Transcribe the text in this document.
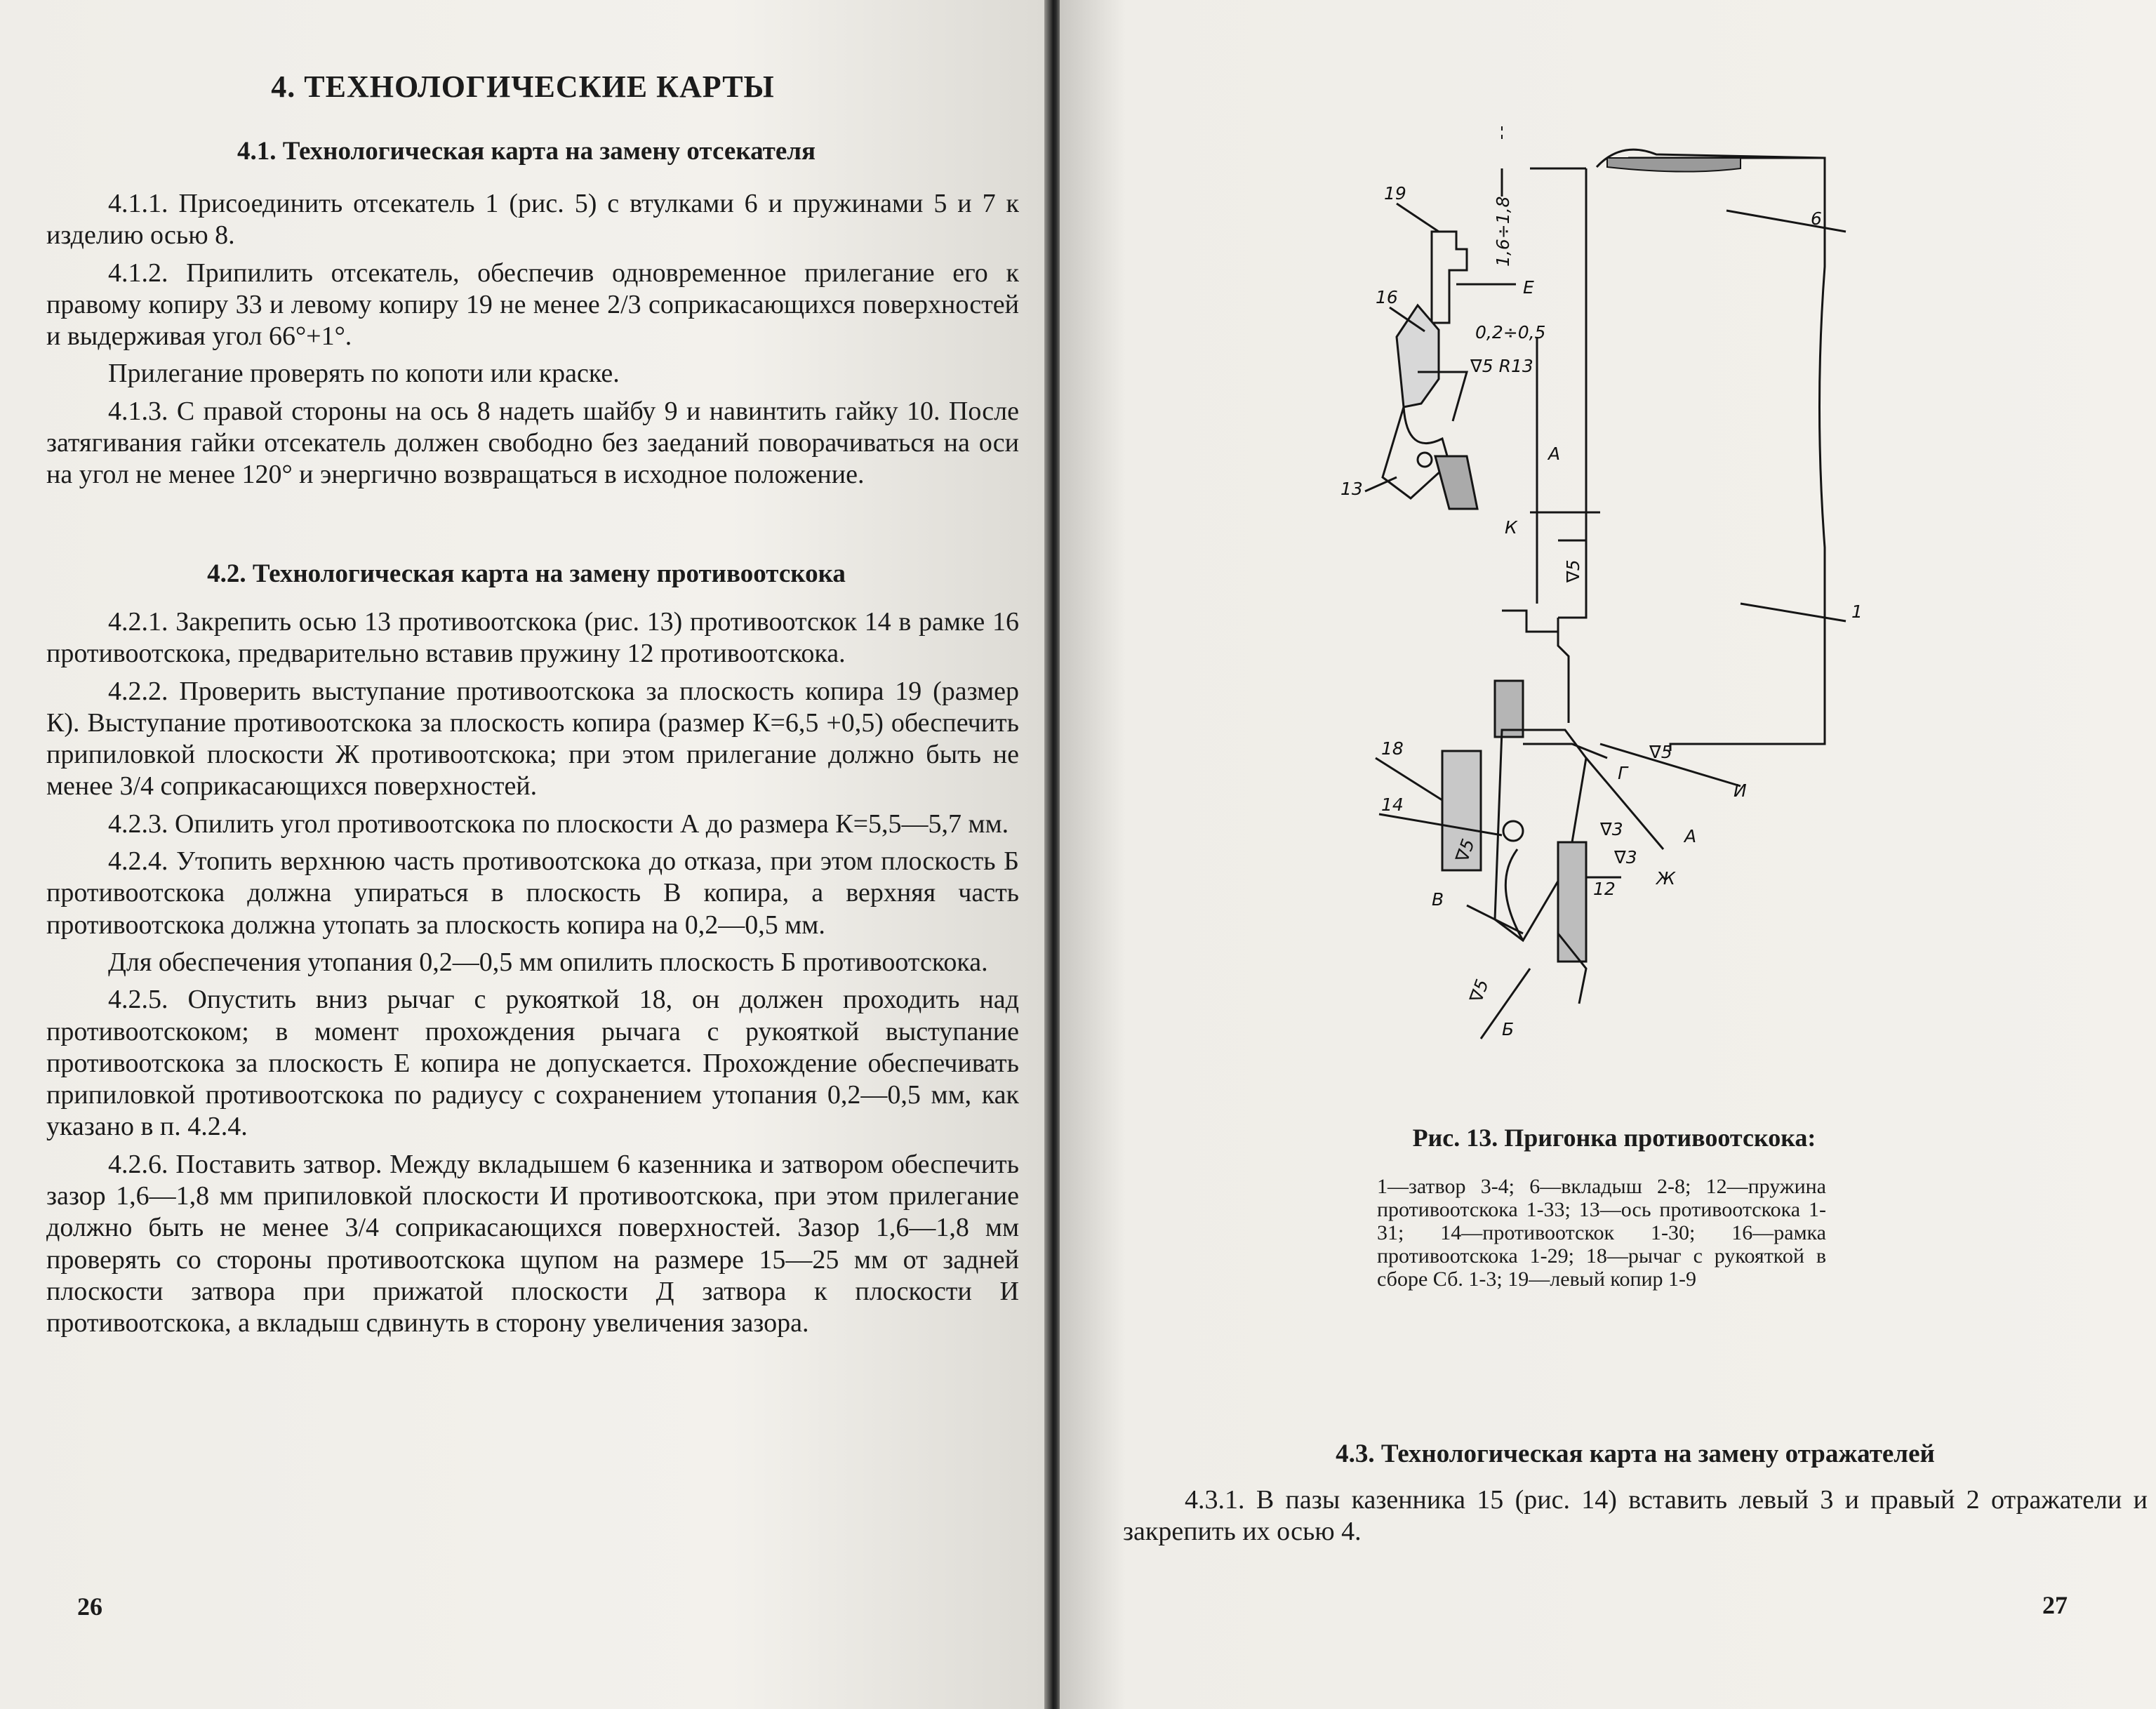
4. ТЕХНОЛОГИЧЕСКИЕ КАРТЫ
4.1. Технологическая карта на замену отсекателя

4.1.1. Присоединить отсекатель 1 (рис. 5) с втулками 6 и пружинами 5 и 7 к изделию осью 8.

4.1.2. Припилить отсекатель, обеспечив одновременное прилегание его к правому копиру 33 и левому копиру 19 не менее 2/3 соприкасающихся поверхностей и выдерживая угол 66°+1°.

Прилегание проверять по копоти или краске.

4.1.3. С правой стороны на ось 8 надеть шайбу 9 и навинтить гайку 10. После затягивания гайки отсекатель должен свободно без заеданий поворачиваться на оси на угол не менее 120° и энергично возвращаться в исходное положение.

4.2. Технологическая карта на замену противоотскока

4.2.1. Закрепить осью 13 противоотскока (рис. 13) противоотскок 14 в рамке 16 противоотскока, предварительно вставив пружину 12 противоотскока.

4.2.2. Проверить выступание противоотскока за плоскость копира 19 (размер К). Выступание противоотскока за плоскость копира (размер К=6,5 +0,5) обеспечить припиловкой плоскости Ж противоотскока; при этом прилегание должно быть не менее 3/4 соприкасающихся поверхностей.

4.2.3. Опилить угол противоотскока по плоскости А до размера К=5,5—5,7 мм.

4.2.4. Утопить верхнюю часть противоотскока до отказа, при этом плоскость Б противоотскока должна упираться в плоскость В копира, а верхняя часть противоотскока должна утопать за плоскость копира на 0,2—0,5 мм.

Для обеспечения утопания 0,2—0,5 мм опилить плоскость Б противоотскока.

4.2.5. Опустить вниз рычаг с рукояткой 18, он должен проходить над противоотскоком; в момент прохождения рычага с рукояткой выступание противоотскока за плоскость Е копира не допускается. Прохождение обеспечивать припиловкой противоотскока по радиусу с сохранением утопания 0,2—0,5 мм, как указано в п. 4.2.4.

4.2.6. Поставить затвор. Между вкладышем 6 казенника и затвором обеспечить зазор 1,6—1,8 мм припиловкой плоскости И противоотскока, при этом прилегание должно быть не менее 3/4 соприкасающихся поверхностей. Зазор 1,6—1,8 мм проверять со стороны противоотскока щупом на размере 15—25 мм от задней плоскости затвора при прижатой плоскости Д затвора к плоскости И противоотскока, а вкладыш сдвинуть в сторону увеличения зазора.

26
19
16
13
6
1
18
14
12
Е
А
К
Г
И
А
Ж
В
Б
1,6÷1,8
0,2÷0,5
∇5 R13
∇5
∇5
∇3
∇3
∇5
∇5
Рис. 13. Пригонка противоотскока:
1—затвор 3-4; 6—вкладыш 2-8; 12—пружина противоотскока 1-33; 13—ось противоотскока 1-31; 14—противоотскок 1-30; 16—рамка противоотскока 1-29; 18—рычаг с рукояткой в сборе Сб. 1-3; 19—левый копир 1-9
4.3. Технологическая карта на замену отражателей

4.3.1. В пазы казенника 15 (рис. 14) вставить левый 3 и правый 2 отражатели и закрепить их осью 4.

27
